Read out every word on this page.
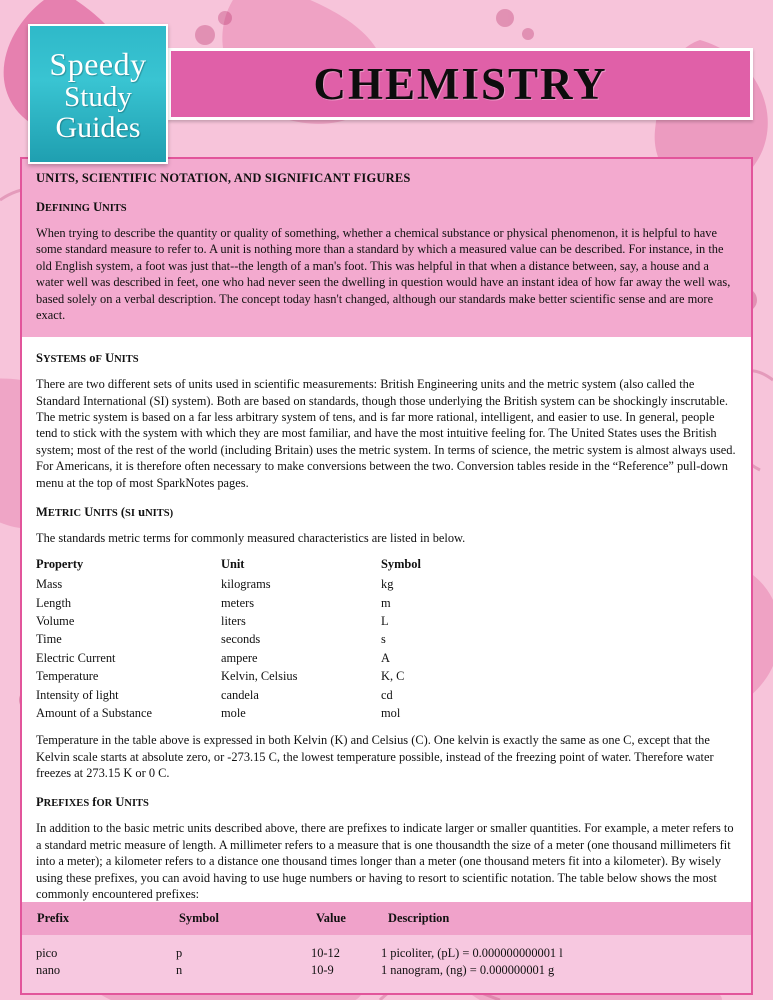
Speedy
Study
Guides
CHEMISTRY
UNITS, SCIENTIFIC NOTATION, AND SIGNIFICANT FIGURES
DEFINING UNITS

When trying to describe the quantity or quality of something, whether a chemical substance or physical phenomenon, it is helpful to have some standard measure to refer to. A unit is nothing more than a standard by which a measured value can be described. For instance, in the old English system, a foot was just that--the length of a man's foot. This was helpful in that when a distance between, say, a house and a water well was described in feet, one who had never seen the dwelling in question would have an instant idea of how far away the well was, based solely on a verbal description. The concept today hasn't changed, although our standards make better scientific sense and are more exact.

SYSTEMS oF UNITS

There are two different sets of units used in scientific measurements: British Engineering units and the metric system (also called the Standard International (SI) system). Both are based on standards, though those underlying the British system can be shockingly inscrutable. The metric system is based on a far less arbitrary system of tens, and is far more rational, intelligent, and easier to use. In general, people tend to stick with the system with which they are most familiar, and have the most intuitive feeling for. The United States uses the British system; most of the rest of the world (including Britain) uses the metric system. In terms of science, the metric system is almost always used. For Americans, it is therefore often necessary to make conversions between the two. Conversion tables reside in the “Reference” pull-down menu at the top of most SparkNotes pages.

METRIC UNITS (SI uNITS)

The standards metric terms for commonly measured characteristics are listed in below.

Property	Unit	Symbol
Mass	kilograms	kg
Length	meters	m
Volume	liters	L
Time	seconds	s
Electric Current	ampere	A
Temperature	Kelvin, Celsius	K, C
Intensity of light	candela	cd
Amount of a Substance	mole	mol

Temperature in the table above is expressed in both Kelvin (K) and Celsius (C). One kelvin is exactly the same as one C, except that the Kelvin scale starts at absolute zero, or -273.15 C, the lowest temperature possible, instead of the freezing point of water. Therefore water freezes at 273.15 K or 0 C.

PREFIXES fOR UNITS

In addition to the basic metric units described above, there are prefixes to indicate larger or smaller quantities. For example, a meter refers to a standard metric measure of length. A millimeter refers to a measure that is one thousandth the size of a meter (one thousand millimeters fit into a meter); a kilometer refers to a distance one thousand times longer than a meter (one thousand meters fit into a kilometer). By wisely using these prefixes, you can avoid having to use huge numbers or having to resort to scientific notation. The table below shows the most commonly encountered prefixes:

Prefix	Symbol	Value	Description
pico	p	10-12	1 picoliter, (pL) = 0.000000000001 l
nano	n	10-9	1 nanogram, (ng) = 0.000000001 g
